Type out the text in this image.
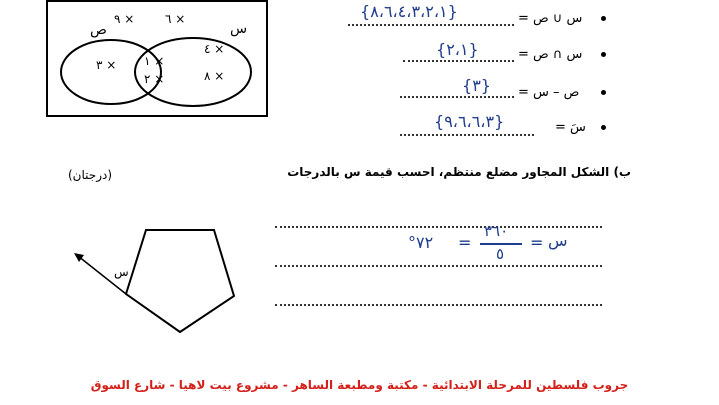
س
ص
٩ ×	٦ ×
٣ × ١ ×
٢ ×
٤ ×
٨ ×
{٨،٦،٤،٣،٢،١}	س ∪ ص =
{٢،١}	س ∩ ص =
{٣} ص – س =
{٩،٦،٦،٣}	سَ =
ب) الشكل المجاور مضلع منتظم، احسب قيمة س بالدرجات
(درجتان)
س
°٧٢ =
٣٦٠
٥
= س
جروب فلسطين للمرحلة الابتدائية - مكتبة ومطبعة الساهر - مشروع بيت لاهيا - شارع السوق
